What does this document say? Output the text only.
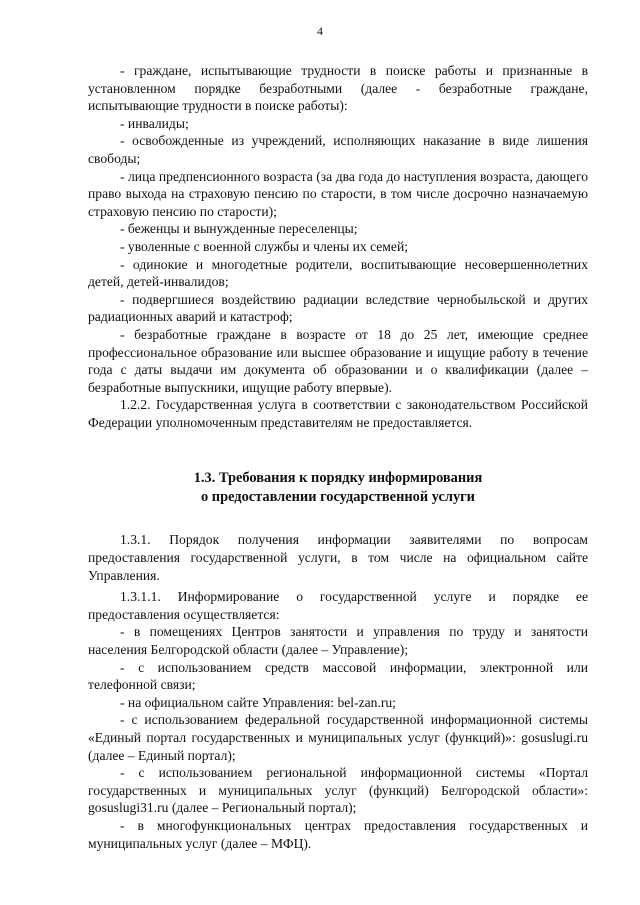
4

- граждане, испытывающие трудности в поиске работы и признанные в установленном порядке безработными (далее - безработные граждане, испытывающие трудности в поиске работы):

- инвалиды;

- освобожденные из учреждений, исполняющих наказание в виде лишения свободы;

- лица предпенсионного возраста (за два года до наступления возраста, дающего право выхода на страховую пенсию по старости, в том числе досрочно назначаемую страховую пенсию по старости);

- беженцы и вынужденные переселенцы;

- уволенные с военной службы и члены их семей;

- одинокие и многодетные родители, воспитывающие несовершеннолетних детей, детей-инвалидов;

- подвергшиеся воздействию радиации вследствие чернобыльской и других радиационных аварий и катастроф;

- безработные граждане в возрасте от 18 до 25 лет, имеющие среднее профессиональное образование или высшее образование и ищущие работу в течение года с даты выдачи им документа об образовании и о квалификации (далее – безработные выпускники, ищущие работу впервые).

1.2.2. Государственная услуга в соответствии с законодательством Российской Федерации уполномоченным представителям не предоставляется.

1.3. Требования к порядку информирования
о предоставлении государственной услуги

1.3.1. Порядок получения информации заявителями по вопросам предоставления государственной услуги, в том числе на официальном сайте Управления.

1.3.1.1. Информирование о государственной услуге и порядке ее предоставления осуществляется:

- в помещениях Центров занятости и управления по труду и занятости населения Белгородской области (далее – Управление);

- с использованием средств массовой информации, электронной или телефонной связи;

- на официальном сайте Управления: bel-zan.ru;

- с использованием федеральной государственной информационной системы «Единый портал государственных и муниципальных услуг (функций)»: gosuslugi.ru (далее – Единый портал);

- с использованием региональной информационной системы «Портал государственных и муниципальных услуг (функций) Белгородской области»: gosuslugi31.ru (далее – Региональный портал);

- в многофункциональных центрах предоставления государственных и муниципальных услуг (далее – МФЦ).
